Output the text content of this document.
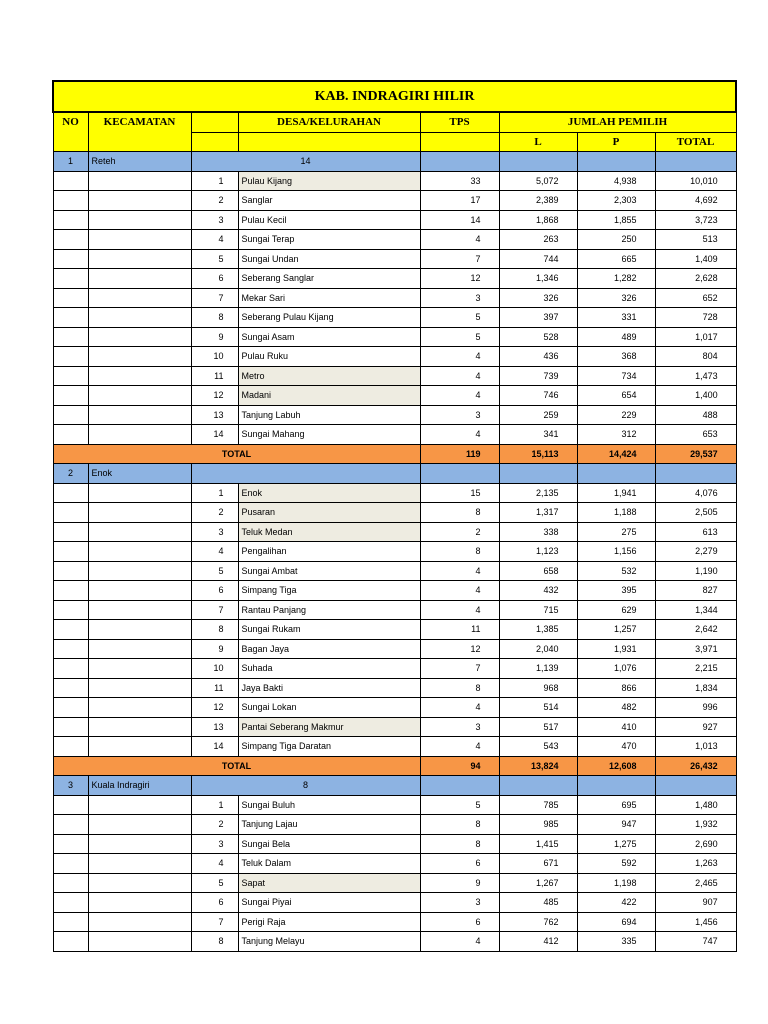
KAB. INDRAGIRI HILIR							
NO	KECAMATAN		DESA/KELURAHAN	TPS	JUMLAH PEMILIH		
					L	P	TOTAL
1	Reteh	14					
		1	Pulau Kijang	33	5,072	4,938	10,010
		2	Sanglar	17	2,389	2,303	4,692
		3	Pulau Kecil	14	1,868	1,855	3,723
		4	Sungai Terap	4	263	250	513
		5	Sungai Undan	7	744	665	1,409
		6	Seberang Sanglar	12	1,346	1,282	2,628
		7	Mekar Sari	3	326	326	652
		8	Seberang Pulau Kijang	5	397	331	728
		9	Sungai Asam	5	528	489	1,017
		10	Pulau Ruku	4	436	368	804
		11	Metro	4	739	734	1,473
		12	Madani	4	746	654	1,400
		13	Tanjung Labuh	3	259	229	488
		14	Sungai Mahang	4	341	312	653
TOTAL				119	15,113	14,424	29,537
2	Enok						
		1	Enok	15	2,135	1,941	4,076
		2	Pusaran	8	1,317	1,188	2,505
		3	Teluk Medan	2	338	275	613
		4	Pengalihan	8	1,123	1,156	2,279
		5	Sungai Ambat	4	658	532	1,190
		6	Simpang Tiga	4	432	395	827
		7	Rantau Panjang	4	715	629	1,344
		8	Sungai Rukam	11	1,385	1,257	2,642
		9	Bagan Jaya	12	2,040	1,931	3,971
		10	Suhada	7	1,139	1,076	2,215
		11	Jaya Bakti	8	968	866	1,834
		12	Sungai Lokan	4	514	482	996
		13	Pantai Seberang Makmur	3	517	410	927
		14	Simpang Tiga Daratan	4	543	470	1,013
TOTAL				94	13,824	12,608	26,432
3	Kuala Indragiri	8					
		1	Sungai Buluh	5	785	695	1,480
		2	Tanjung Lajau	8	985	947	1,932
		3	Sungai Bela	8	1,415	1,275	2,690
		4	Teluk Dalam	6	671	592	1,263
		5	Sapat	9	1,267	1,198	2,465
		6	Sungai Piyai	3	485	422	907
		7	Perigi Raja	6	762	694	1,456
		8	Tanjung Melayu	4	412	335	747
